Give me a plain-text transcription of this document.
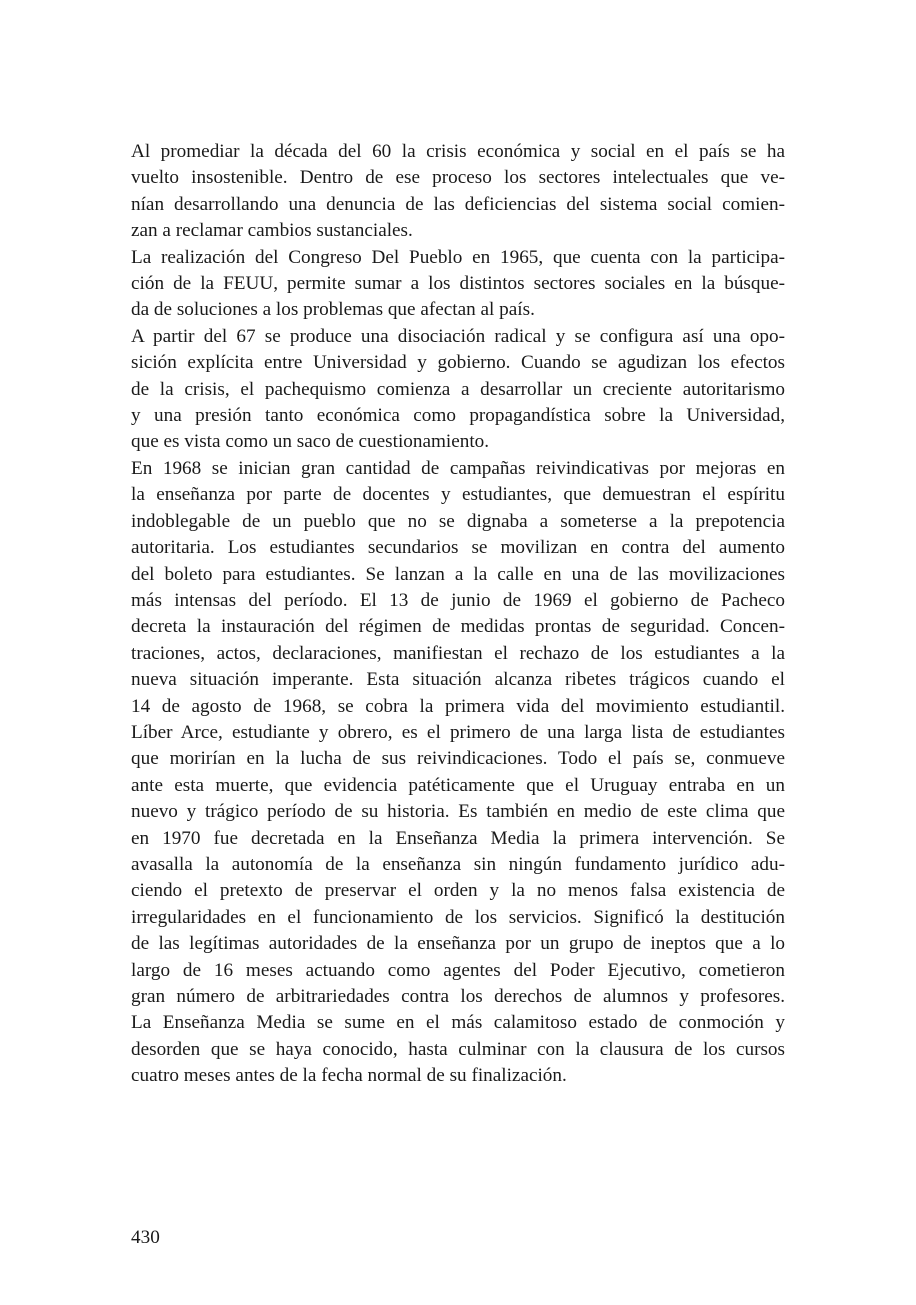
Al promediar la década del 60 la crisis económica y social en el país se ha
vuelto insostenible. Dentro de ese proceso los sectores intelectuales que ve-
nían desarrollando una denuncia de las deficiencias del sistema social comien-
zan a reclamar cambios sustanciales.

La realización del Congreso Del Pueblo en 1965, que cuenta con la participa-
ción de la FEUU, permite sumar a los distintos sectores sociales en la búsque-
da de soluciones a los problemas que afectan al país.

A partir del 67 se produce una disociación radical y se configura así una opo-
sición explícita entre Universidad y gobierno. Cuando se agudizan los efectos
de la crisis, el pachequismo comienza a desarrollar un creciente autoritarismo
y una presión tanto económica como propagandística sobre la Universidad,
que es vista como un saco de cuestionamiento.

En 1968 se inician gran cantidad de campañas reivindicativas por mejoras en
la enseñanza por parte de docentes y estudiantes, que demuestran el espíritu
indoblegable de un pueblo que no se dignaba a someterse a la prepotencia
autoritaria. Los estudiantes secundarios se movilizan en contra del aumento
del boleto para estudiantes. Se lanzan a la calle en una de las movilizaciones
más intensas del período. El 13 de junio de 1969 el gobierno de Pacheco
decreta la instauración del régimen de medidas prontas de seguridad. Concen-
traciones, actos, declaraciones, manifiestan el rechazo de los estudiantes a la
nueva situación imperante. Esta situación alcanza ribetes trágicos cuando el
14 de agosto de 1968, se cobra la primera vida del movimiento estudiantil.
Líber Arce, estudiante y obrero, es el primero de una larga lista de estudiantes
que morirían en la lucha de sus reivindicaciones. Todo el país se, conmueve
ante esta muerte, que evidencia patéticamente que el Uruguay entraba en un
nuevo y trágico período de su historia. Es también en medio de este clima que
en 1970 fue decretada en la Enseñanza Media la primera intervención. Se
avasalla la autonomía de la enseñanza sin ningún fundamento jurídico adu-
ciendo el pretexto de preservar el orden y la no menos falsa existencia de
irregularidades en el funcionamiento de los servicios. Significó la destitución
de las legítimas autoridades de la enseñanza por un grupo de ineptos que a lo
largo de 16 meses actuando como agentes del Poder Ejecutivo, cometieron
gran número de arbitrariedades contra los derechos de alumnos y profesores.
La Enseñanza Media se sume en el más calamitoso estado de conmoción y
desorden que se haya conocido, hasta culminar con la clausura de los cursos
cuatro meses antes de la fecha normal de su finalización.

430
